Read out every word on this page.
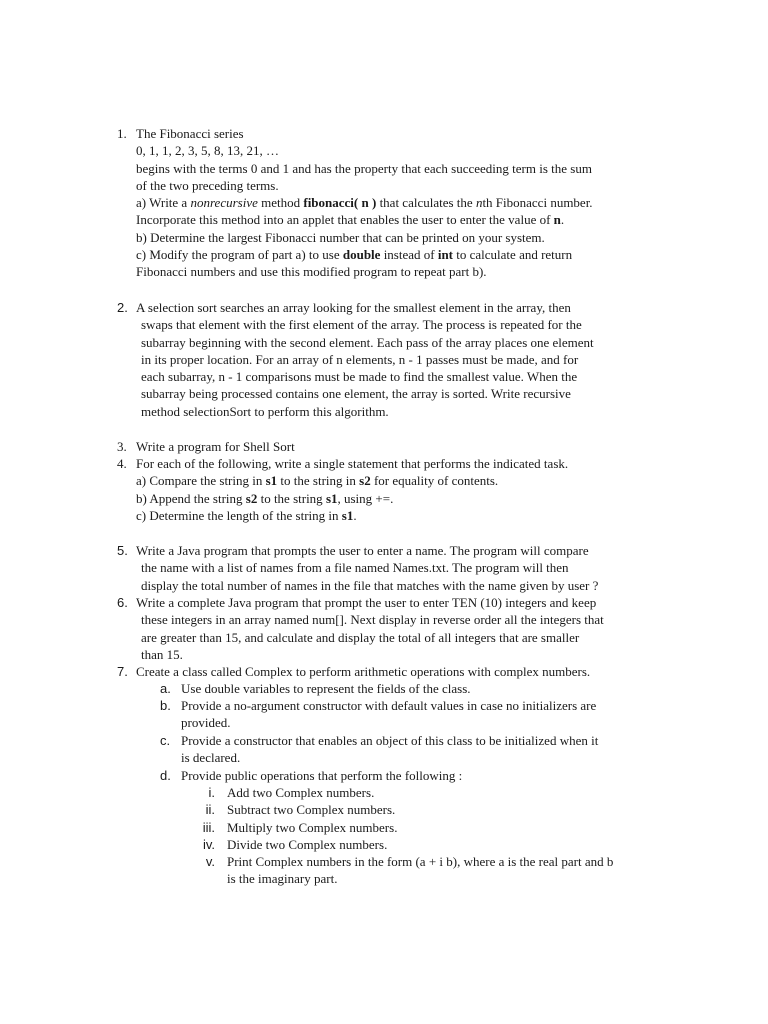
1. The Fibonacci series
0, 1, 1, 2, 3, 5, 8, 13, 21, …
begins with the terms 0 and 1 and has the property that each succeeding term is the sum
of the two preceding terms.
a) Write a nonrecursive method fibonacci( n ) that calculates the nth Fibonacci number.
Incorporate this method into an applet that enables the user to enter the value of n.
b) Determine the largest Fibonacci number that can be printed on your system.
c) Modify the program of part a) to use double instead of int to calculate and return
Fibonacci numbers and use this modified program to repeat part b).
2. A selection sort searches an array looking for the smallest element in the array, then
swaps that element with the first element of the array. The process is repeated for the
subarray beginning with the second element. Each pass of the array places one element
in its proper location. For an array of n elements, n - 1 passes must be made, and for
each subarray, n - 1 comparisons must be made to find the smallest value. When the
subarray being processed contains one element, the array is sorted. Write recursive
method selectionSort to perform this algorithm.
3. Write a program for Shell Sort
4. For each of the following, write a single statement that performs the indicated task.
a) Compare the string in s1 to the string in s2 for equality of contents.
b) Append the string s2 to the string s1, using +=.
c) Determine the length of the string in s1.
5. Write a Java program that prompts the user to enter a name. The program will compare
the name with a list of names from a file named Names.txt. The program will then
display the total number of names in the file that matches with the name given by user ?
6. Write a complete Java program that prompt the user to enter TEN (10) integers and keep
these integers in an array named num[]. Next display in reverse order all the integers that
are greater than 15, and calculate and display the total of all integers that are smaller
than 15.
7. Create a class called Complex to perform arithmetic operations with complex numbers.
a. Use double variables to represent the fields of the class.
b. Provide a no-argument constructor with default values in case no initializers are
provided.
c. Provide a constructor that enables an object of this class to be initialized when it
is declared.
d. Provide public operations that perform the following :
i. Add two Complex numbers.
ii. Subtract two Complex numbers.
iii. Multiply two Complex numbers.
iv. Divide two Complex numbers.
v. Print Complex numbers in the form (a + i b), where a is the real part and b
is the imaginary part.
